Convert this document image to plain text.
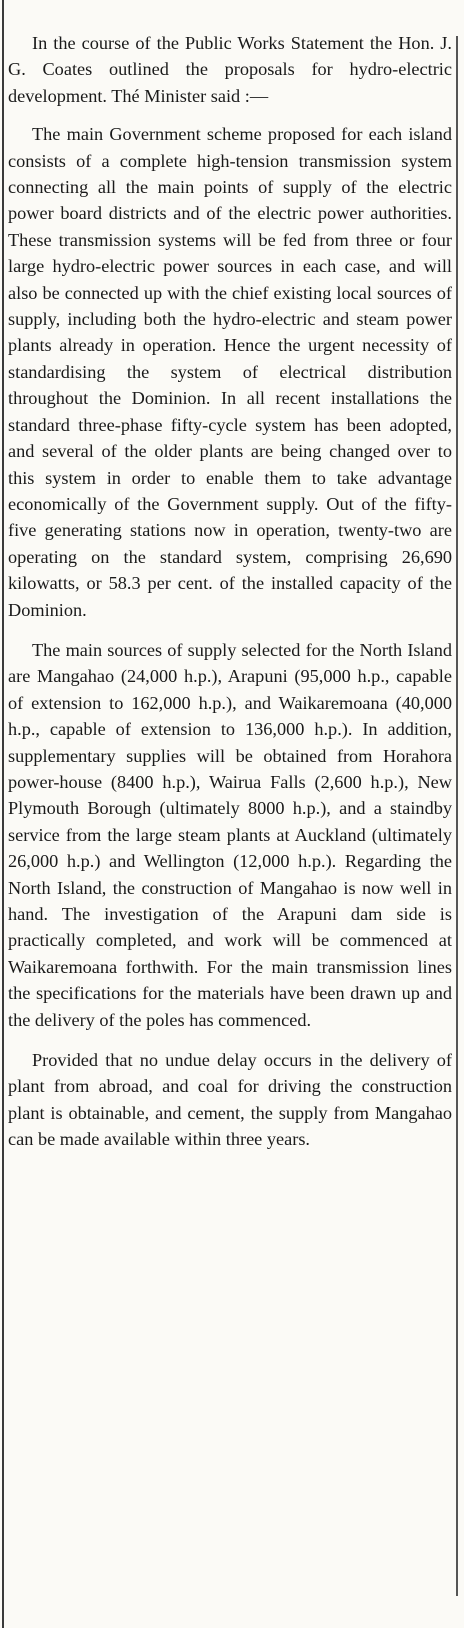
In the course of the Public Works Statement the Hon. J. G. Coates outlined the proposals for hydro-electric development. Thé Minister said :—

The main Government scheme proposed for each island consists of a complete high-tension transmission system connecting all the main points of supply of the electric power board districts and of the electric power authorities. These transmission systems will be fed from three or four large hydro-electric power sources in each case, and will also be connected up with the chief existing local sources of supply, including both the hydro-electric and steam power plants already in operation. Hence the urgent necessity of standardising the system of electrical distribution throughout the Dominion. In all recent installations the standard three-phase fifty-cycle system has been adopted, and several of the older plants are being changed over to this system in order to enable them to take advantage economically of the Government supply. Out of the fifty-five generating stations now in operation, twenty-two are operating on the standard system, comprising 26,690 kilowatts, or 58.3 per cent. of the installed capacity of the Dominion.

The main sources of supply selected for the North Island are Mangahao (24,000 h.p.), Arapuni (95,000 h.p., capable of extension to 162,000 h.p.), and Waikaremoana (40,000 h.p., capable of extension to 136,000 h.p.). In addition, supplementary supplies will be obtained from Horahora power-house (8400 h.p.), Wairua Falls (2,600 h.p.), New Plymouth Borough (ultimately 8000 h.p.), and a staindby service from the large steam plants at Auckland (ultimately 26,000 h.p.) and Wellington (12,000 h.p.). Regarding the North Island, the construction of Mangahao is now well in hand. The investigation of the Arapuni dam side is practically completed, and work will be commenced at Waikaremoana forthwith. For the main transmission lines the specifications for the materials have been drawn up and the delivery of the poles has commenced.

Provided that no undue delay occurs in the delivery of plant from abroad, and coal for driving the construction plant is obtainable, and cement, the supply from Mangahao can be made available within three years.
